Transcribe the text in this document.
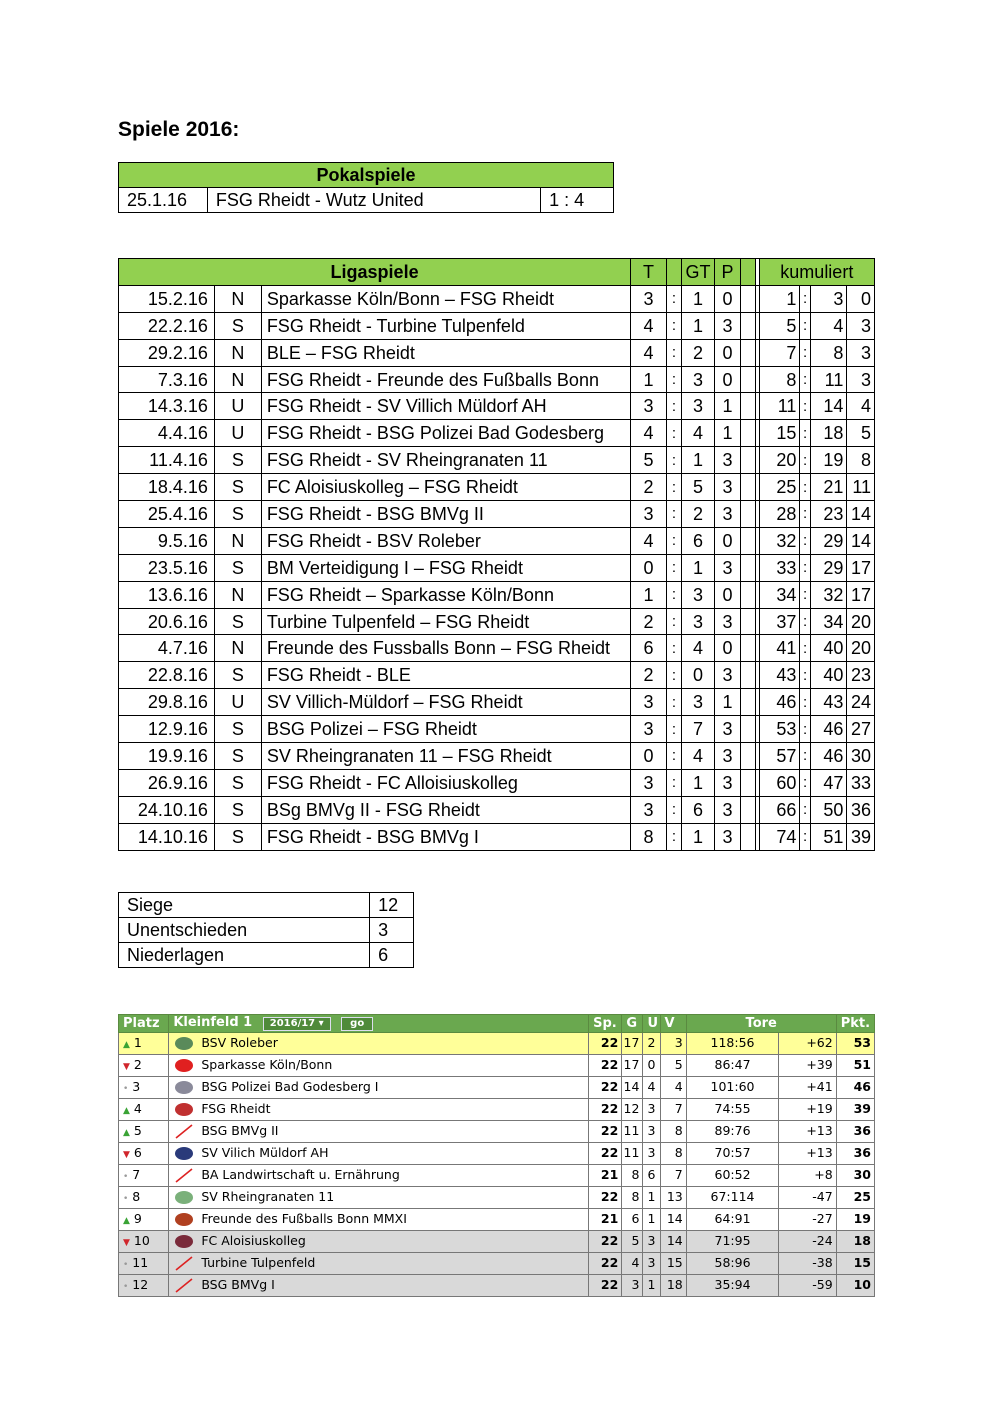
Spiele 2016:
Pokalspiele
25.1.16	FSG Rheidt - Wutz United	1 : 4
Ligaspiele			T		GT	P			kumuliert			
15.2.16	N	Sparkasse Köln/Bonn – FSG Rheidt	3	:	1	0			1	:	3	0
22.2.16	S	FSG Rheidt - Turbine Tulpenfeld	4	:	1	3			5	:	4	3
29.2.16	N	BLE – FSG Rheidt	4	:	2	0			7	:	8	3
7.3.16	N	FSG Rheidt - Freunde des Fußballs Bonn	1	:	3	0			8	:	11	3
14.3.16	U	FSG Rheidt - SV Villich Müldorf AH	3	:	3	1			11	:	14	4
4.4.16	U	FSG Rheidt - BSG Polizei Bad Godesberg	4	:	4	1			15	:	18	5
11.4.16	S	FSG Rheidt - SV Rheingranaten 11	5	:	1	3			20	:	19	8
18.4.16	S	FC Aloisiuskolleg – FSG Rheidt	2	:	5	3			25	:	21	11
25.4.16	S	FSG Rheidt - BSG BMVg II	3	:	2	3			28	:	23	14
9.5.16	N	FSG Rheidt - BSV Roleber	4	:	6	0			32	:	29	14
23.5.16	S	BM Verteidigung I – FSG Rheidt	0	:	1	3			33	:	29	17
13.6.16	N	FSG Rheidt – Sparkasse Köln/Bonn	1	:	3	0			34	:	32	17
20.6.16	S	Turbine Tulpenfeld – FSG Rheidt	2	:	3	3			37	:	34	20
4.7.16	N	Freunde des Fussballs Bonn – FSG Rheidt	6	:	4	0			41	:	40	20
22.8.16	S	FSG Rheidt - BLE	2	:	0	3			43	:	40	23
29.8.16	U	SV Villich-Müldorf – FSG Rheidt	3	:	3	1			46	:	43	24
12.9.16	S	BSG Polizei – FSG Rheidt	3	:	7	3			53	:	46	27
19.9.16	S	SV Rheingranaten 11 – FSG Rheidt	0	:	4	3			57	:	46	30
26.9.16	S	FSG Rheidt - FC Alloisiuskolleg	3	:	1	3			60	:	47	33
24.10.16	S	BSg BMVg II - FSG Rheidt	3	:	6	3			66	:	50	36
14.10.16	S	FSG Rheidt - BSG BMVg I	8	:	1	3			74	:	51	39
Siege	12
Unentschieden	3
Niederlagen	6
Platz	Kleinfeld 1 2016/17 ▾ go	Sp.	G	U	V	Tore		Pkt.
▲ 1	BSV Roleber	22	17	2	3	118:56	+62	53
▼ 2	Sparkasse Köln/Bonn	22	17	0	5	86:47	+39	51
• 3	BSG Polizei Bad Godesberg I	22	14	4	4	101:60	+41	46
▲ 4	FSG Rheidt	22	12	3	7	74:55	+19	39
▲ 5	BSG BMVg II	22	11	3	8	89:76	+13	36
▼ 6	SV Vilich Müldorf AH	22	11	3	8	70:57	+13	36
• 7	BA Landwirtschaft u. Ernährung	21	8	6	7	60:52	+8	30
• 8	SV Rheingranaten 11	22	8	1	13	67:114	-47	25
▲ 9	Freunde des Fußballs Bonn MMXI	21	6	1	14	64:91	-27	19
▼ 10	FC Aloisiuskolleg	22	5	3	14	71:95	-24	18
• 11	Turbine Tulpenfeld	22	4	3	15	58:96	-38	15
• 12	BSG BMVg I	22	3	1	18	35:94	-59	10
